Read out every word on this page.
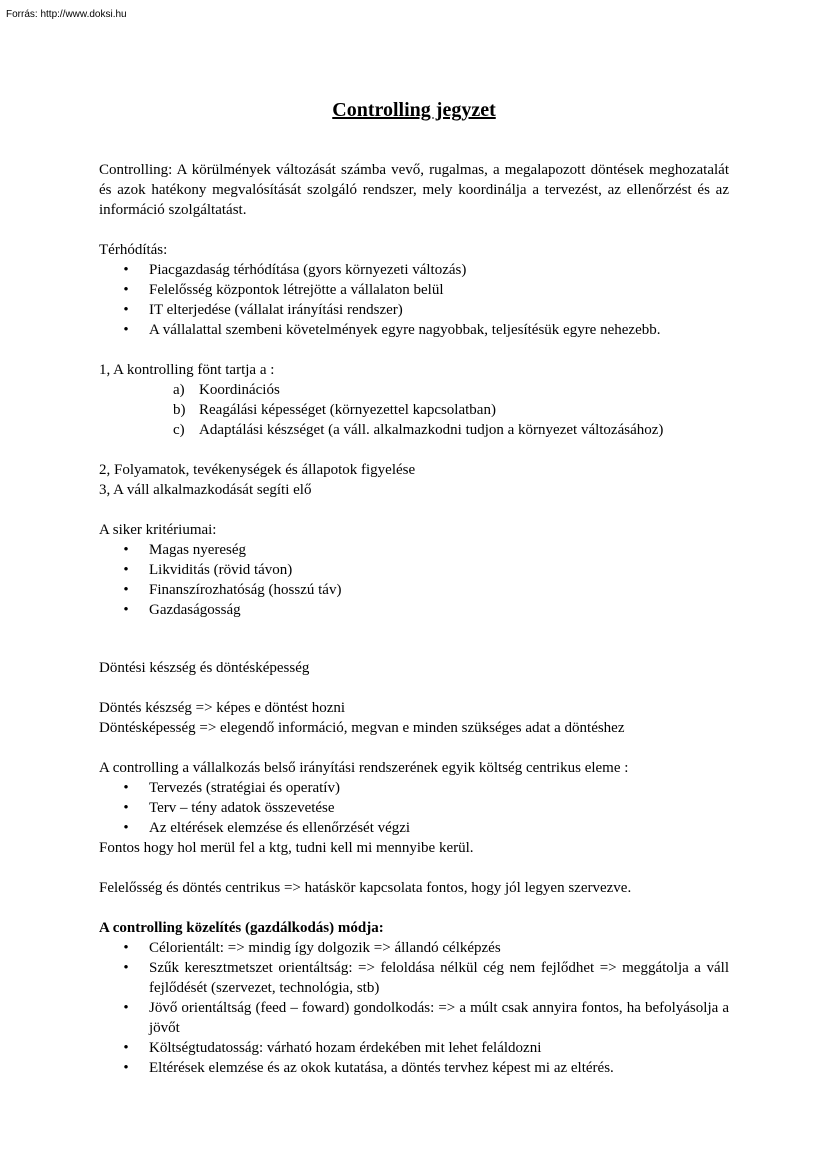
Forrás: http://www.doksi.hu
Controlling jegyzet

Controlling: A körülmények változását számba vevő, rugalmas, a megalapozott döntések meghozatalát és azok hatékony megvalósítását szolgáló rendszer, mely koordinálja a tervezést, az ellenőrzést és az információ szolgáltatást.

Térhódítás:

• Piacgazdaság térhódítása (gyors környezeti változás)
• Felelősség központok létrejötte a vállalaton belül
• IT elterjedése (vállalat irányítási rendszer)
• A vállalattal szembeni követelmények egyre nagyobbak, teljesítésük egyre nehezebb.

1, A kontrolling fönt tartja a :

a) Koordinációs
b) Reagálási képességet (környezettel kapcsolatban)
c) Adaptálási készséget (a váll. alkalmazkodni tudjon a környezet változásához)

2, Folyamatok, tevékenységek és állapotok figyelése

3, A váll alkalmazkodását segíti elő

A siker kritériumai:

• Magas nyereség
• Likviditás (rövid távon)
• Finanszírozhatóság (hosszú táv)
• Gazdaságosság

Döntési készség és döntésképesség

Döntés készség => képes e döntést hozni

Döntésképesség => elegendő információ, megvan e minden szükséges adat a döntéshez

A controlling a vállalkozás belső irányítási rendszerének egyik költség centrikus eleme :

• Tervezés (stratégiai és operatív)
• Terv – tény adatok összevetése
• Az eltérések elemzése és ellenőrzését végzi

Fontos hogy hol merül fel a ktg, tudni kell mi mennyibe kerül.

Felelősség és döntés centrikus => hatáskör kapcsolata fontos, hogy jól legyen szervezve.

A controlling közelítés (gazdálkodás) módja:

• Célorientált: => mindig így dolgozik => állandó célképzés
• Szűk keresztmetszet orientáltság: => feloldása nélkül cég nem fejlődhet => meggátolja a váll fejlődését (szervezet, technológia, stb)
• Jövő orientáltság (feed – foward) gondolkodás: => a múlt csak annyira fontos, ha befolyásolja a jövőt
• Költségtudatosság: várható hozam érdekében mit lehet feláldozni
• Eltérések elemzése és az okok kutatása, a döntés tervhez képest mi az eltérés.
